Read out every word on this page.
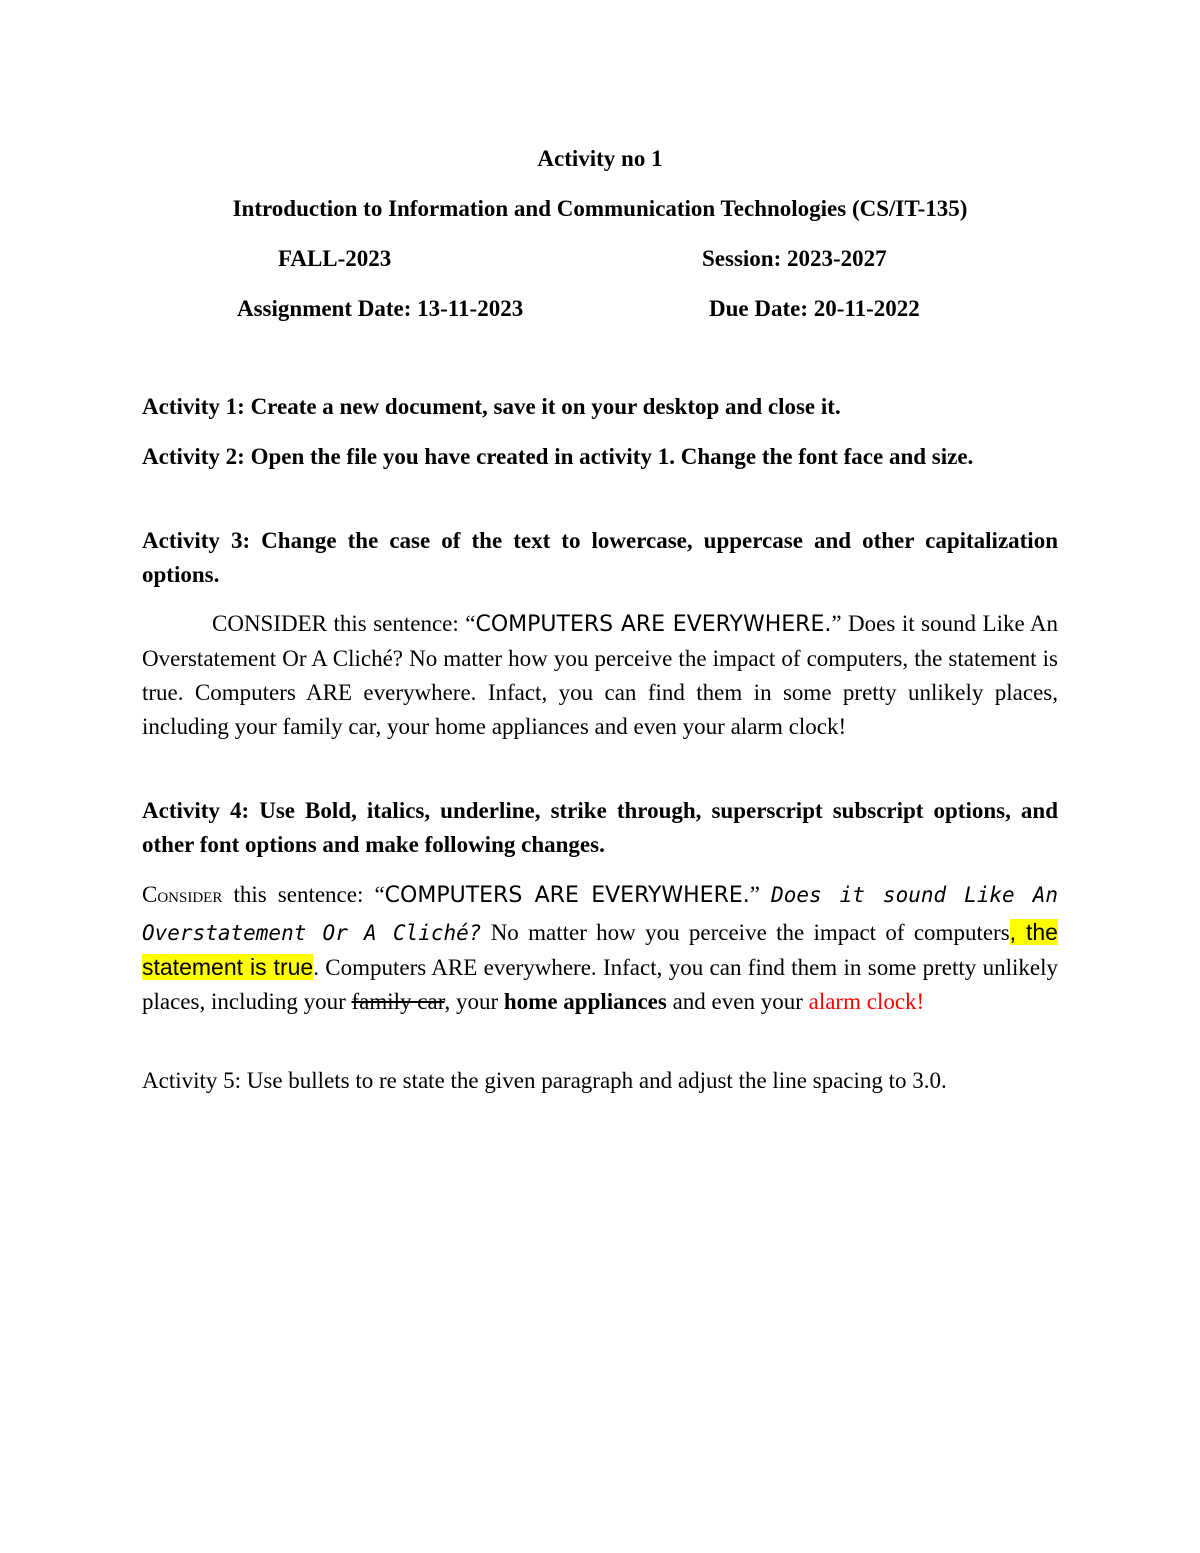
Activity no 1
Introduction to Information and Communication Technologies (CS/IT-135)
FALL-2023	Session: 2023-2027
Assignment Date: 13-11-2023	Due Date: 20-11-2022
Activity 1: Create a new document, save it on your desktop and close it.
Activity 2: Open the file you have created in activity 1. Change the font face and size.
Activity 3: Change the case of the text to lowercase, uppercase and other capitalization options.
CONSIDER this sentence: “COMPUTERS ARE EVERYWHERE.” Does it sound Like An Overstatement Or A Cliché? No matter how you perceive the impact of computers, the statement is true. Computers ARE everywhere. Infact, you can find them in some pretty unlikely places, including your family car, your home appliances and even your alarm clock!
Activity 4: Use Bold, italics, underline, strike through, superscript subscript options, and other font options and make following changes.
CONSIDER this sentence: “COMPUTERS ARE EVERYWHERE.” Does it sound Like An Overstatement Or A Cliché? No matter how you perceive the impact of computers, the statement is true. Computers ARE everywhere. Infact, you can find them in some pretty unlikely places, including your family car, your home appliances and even your alarm clock!
Activity 5: Use bullets to re state the given paragraph and adjust the line spacing to 3.0.
